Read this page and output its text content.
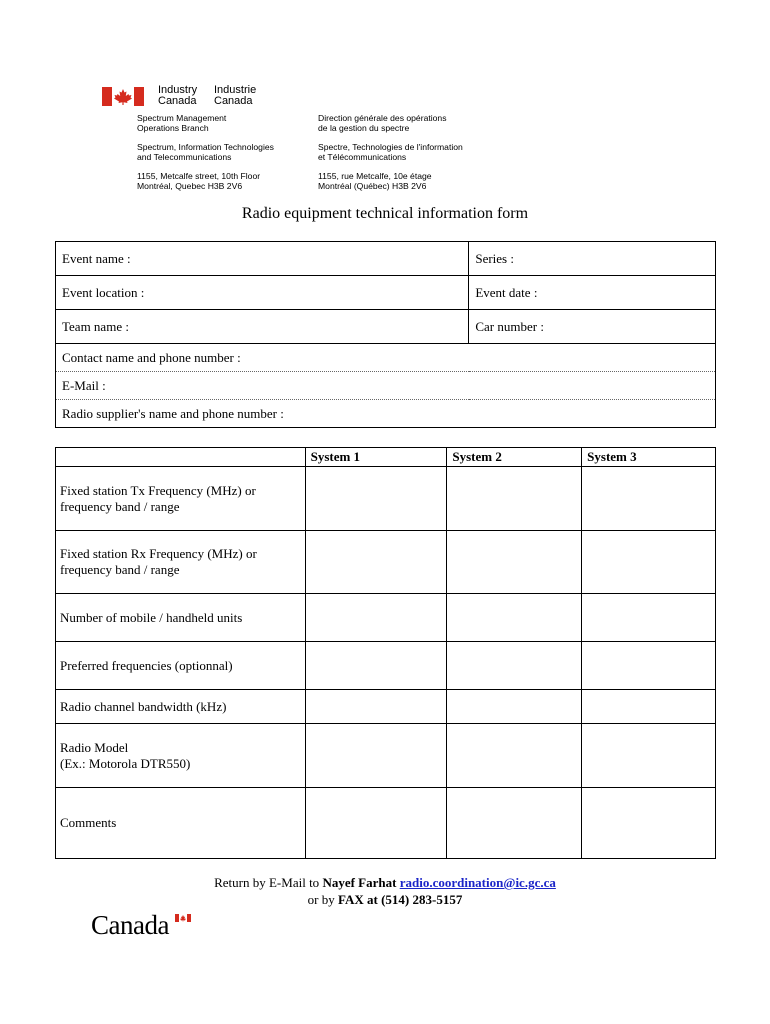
Industry
Canada
Industrie
Canada
Spectrum Management
Operations Branch
Spectrum, Information Technologies
and Telecommunications
1155, Metcalfe street, 10th Floor
Montréal, Quebec H3B 2V6
Direction générale des opérations
de la gestion du spectre
Spectre, Technologies de l'information
et Télécommunications
1155, rue Metcalfe, 10e étage
Montréal (Québec) H3B 2V6
Radio equipment technical information form
Event name :	Series :
Event location :	Event date :
Team name :	Car number :
Contact name and phone number :	
E-Mail :	
Radio supplier's name and phone number :	
	System 1	System 2	System 3

Fixed station Tx Frequency (MHz) or
frequency band / range			

Fixed station Rx Frequency (MHz) or
frequency band / range			

Number of mobile / handheld units			

Preferred frequencies (optionnal)			

Radio channel bandwidth (kHz)			

Radio Model
(Ex.: Motorola DTR550)			

Comments			

Return by E-Mail to Nayef Farhat radio.coordination@ic.gc.ca
or by FAX at (514) 283-5157
Canada
